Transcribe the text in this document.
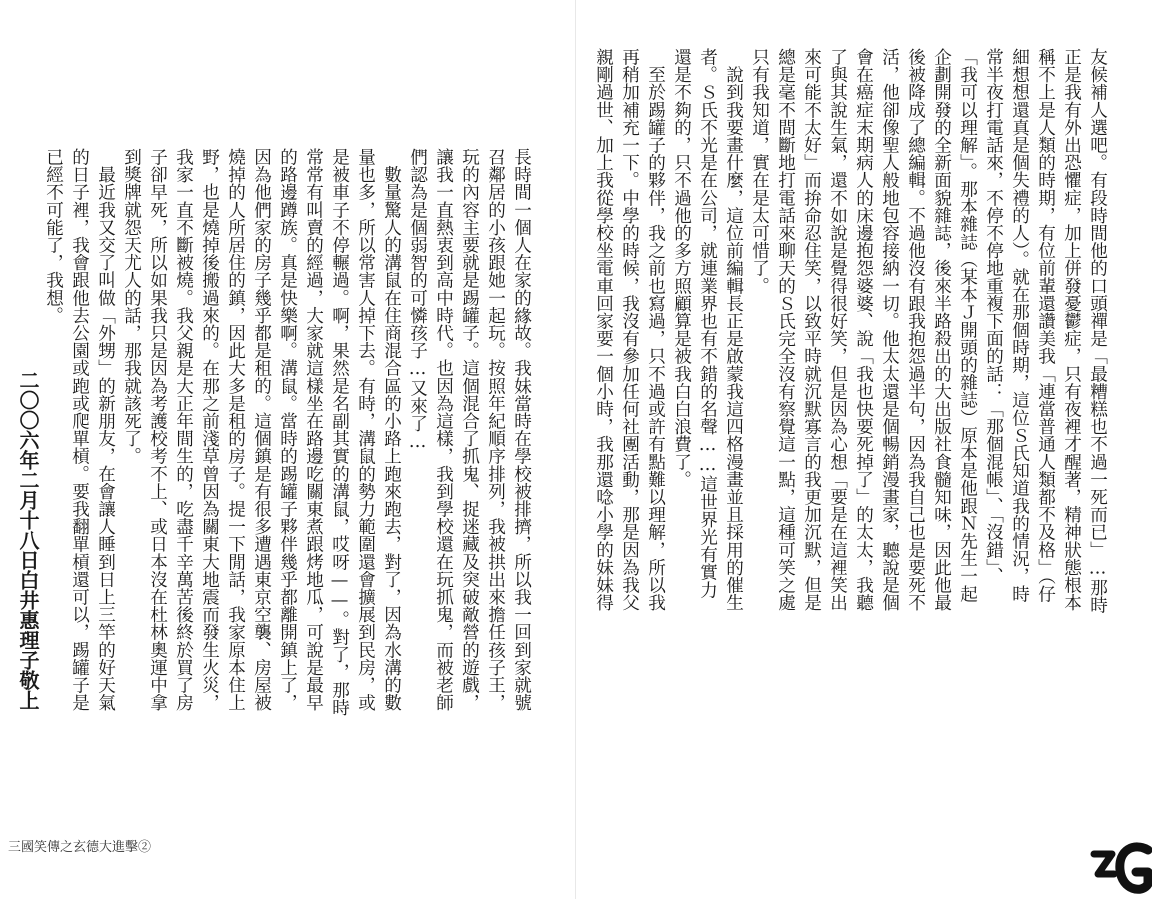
友候補人選吧。有段時間他的口頭禪是「最糟糕也不過一死而已」…那時
正是我有外出恐懼症，加上併發憂鬱症，只有夜裡才醒著，精神狀態根本
稱不上是人類的時期，有位前輩還讚美我「連當普通人類都不及格」（仔
細想想還真是個失禮的人）。就在那個時期，這位Ｓ氏知道我的情況，時
常半夜打電話來，不停不停地重複下面的話：「那個混帳」、「沒錯」、
「我可以理解」。那本雜誌（某本Ｊ開頭的雜誌）原本是他跟Ｎ先生一起
企劃開發的全新面貌雜誌，後來半路殺出的大出版社食髓知味，因此他最
後被降成了總編輯。不過他沒有跟我抱怨過半句，因為我自己也是要死不
活，他卻像聖人般地包容接納一切。他太太還是個暢銷漫畫家，聽說是個
會在癌症末期病人的床邊抱怨婆婆、說「我也快要死掉了」的太太，我聽
了與其說生氣，還不如說是覺得很好笑，但是因為心想「要是在這裡笑出
來可能不太好」而拚命忍住笑，以致平時就沉默寡言的我更加沉默，但是
總是毫不間斷地打電話來聊天的Ｓ氏完全沒有察覺這一點，這種可笑之處
只有我知道，實在是太可惜了。
　說到我要畫什麼，這位前編輯長正是啟蒙我這四格漫畫並且採用的催生
者。Ｓ氏不光是在公司，就連業界也有不錯的名聲……這世界光有實力
還是不夠的，只不過他的多方照顧算是被我白白浪費了。
　至於踢罐子的夥伴，我之前也寫過，只不過或許有點難以理解，所以我
再稍加補充一下。中學的時候，我沒有參加任何社團活動，那是因為我父
親剛過世、加上我從學校坐電車回家要一個小時，我那還唸小學的妹妹得
長時間一個人在家的緣故。我妹當時在學校被排擠，所以我一回到家就號
召鄰居的小孩跟她一起玩。按照年紀順序排列，我被拱出來擔任孩子王，
玩的內容主要就是踢罐子。這個混合了抓鬼、捉迷藏及突破敵營的遊戲，
讓我一直熱衷到高中時代。也因為這樣，我到學校還在玩抓鬼，而被老師
們認為是個弱智的可憐孩子…又來了…
　數量驚人的溝鼠在住商混合區的小路上跑來跑去，對了，因為水溝的數
量也多，所以常害人掉下去。有時，溝鼠的勢力範圍還會擴展到民房，或
是被車子不停輾過。啊，果然是名副其實的溝鼠，哎呀——。對了，那時
常常有叫賣的經過，大家就這樣坐在路邊吃關東煮跟烤地瓜，可說是最早
的路邊蹲族。真是快樂啊。溝鼠。當時的踢罐子夥伴幾乎都離開鎮上了，
因為他們家的房子幾乎都是租的。這個鎮是有很多遭遇東京空襲、房屋被
燒掉的人所居住的鎮，因此大多是租的房子。提一下閒話，我家原本住上
野，也是燒掉後搬過來的。在那之前淺草曾因為關東大地震而發生火災，
我家一直不斷被燒。我父親是大正年間生的，吃盡千辛萬苦後終於買了房
子卻早死，所以如果我只是因為考護校考不上、或日本沒在杜林奧運中拿
到獎牌就怨天尤人的話，那我就該死了。
　最近我又交了叫做「外甥」的新朋友，在會讓人睡到日上三竿的好天氣
的日子裡，我會跟他去公園或跑或爬單槓。要我翻單槓還可以，踢罐子是
已經不可能了，我想。
二〇〇六年二月十八日白井惠理子敬上
三國笑傳之玄德大進擊②
